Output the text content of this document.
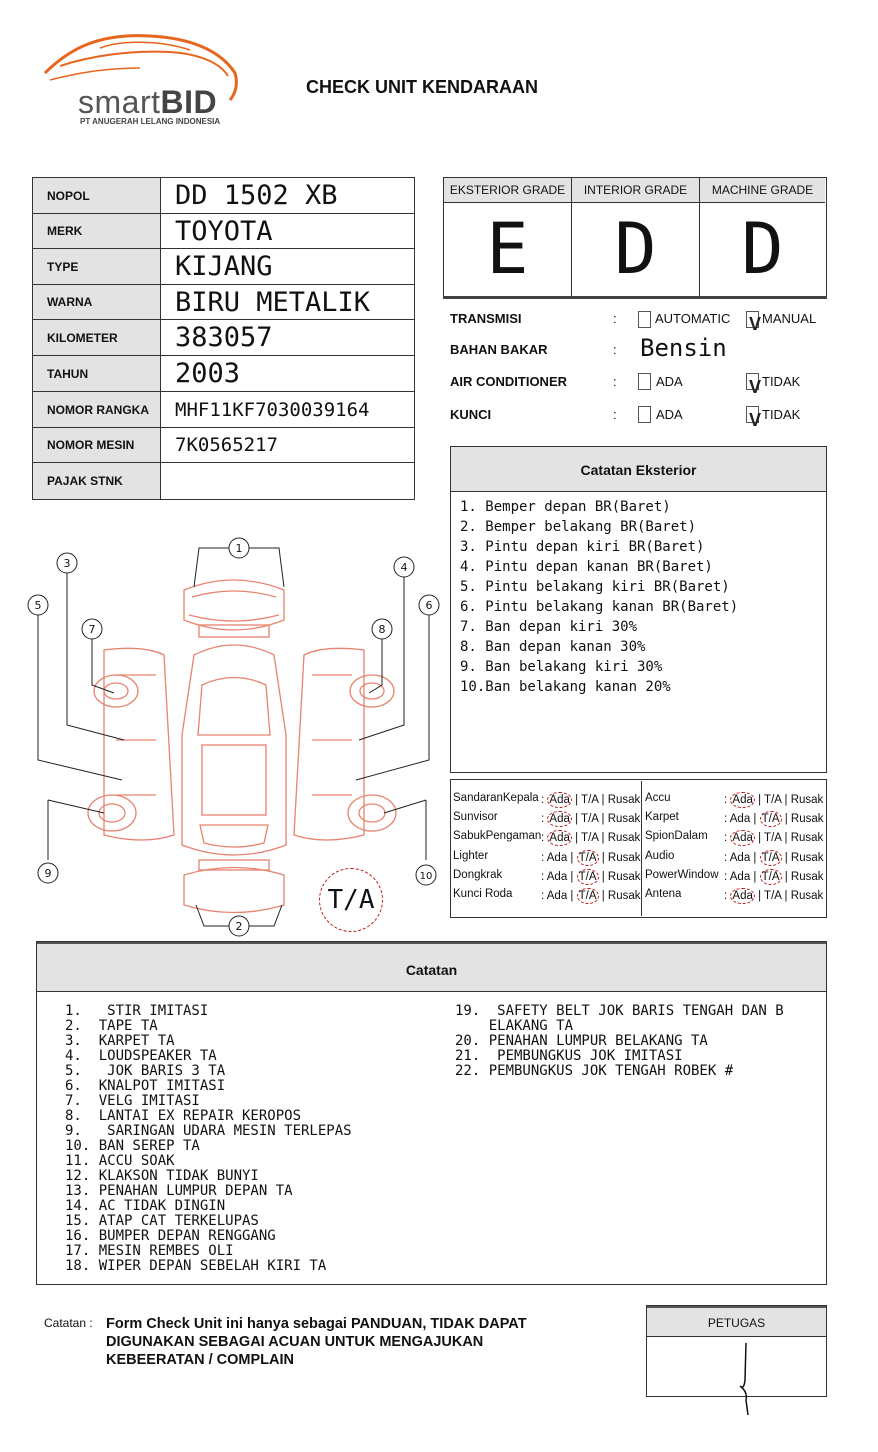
smartBID
PT ANUGERAH LELANG INDONESIA
CHECK UNIT KENDARAAN
NOPOL	DD 1502 XB
MERK	TOYOTA
TYPE	KIJANG
WARNA	BIRU METALIK
KILOMETER	383057
TAHUN	2003
NOMOR RANGKA	MHF11KF7030039164
NOMOR MESIN	7K0565217
PAJAK STNK	
EKSTERIOR GRADE
E
INTERIOR GRADE
D
MACHINE GRADE
D
TRANSMISI	:	AUTOMATIC V MANUAL
BAHAN BAKAR	: Bensin
AIR CONDITIONER	:	ADA	V TIDAK
KUNCI	:	ADA	V TIDAK
Catatan Eksterior
1. Bemper depan BR(Baret)
2. Bemper belakang BR(Baret)
3. Pintu depan kiri BR(Baret)
4. Pintu depan kanan BR(Baret)
5. Pintu belakang kiri BR(Baret)
6. Pintu belakang kanan BR(Baret)
7. Ban depan kiri 30%
8. Ban depan kanan 30%
9. Ban belakang kiri 30%
10.Ban belakang kanan 20%
SandaranKepala : Ada | T/A | Rusak
Sunvisor	: Ada | T/A | Rusak
SabukPengaman : Ada | T/A | Rusak
Lighter	: Ada | T/A | Rusak
Dongkrak	: Ada | T/A | Rusak
Kunci Roda : Ada | T/A | Rusak
Accu	: Ada | T/A | Rusak
Karpet	: Ada | T/A | Rusak
SpionDalam : Ada | T/A | Rusak
Audio	: Ada | T/A | Rusak
PowerWindow : Ada | T/A | Rusak
Antena	: Ada | T/A | Rusak
1
2
3	4
5	6
7	8
9	10
T/A
Catatan
1.   STIR IMITASI
2.  TAPE TA
3.  KARPET TA
4.  LOUDSPEAKER TA
5.   JOK BARIS 3 TA
6.  KNALPOT IMITASI
7.  VELG IMITASI
8.  LANTAI EX REPAIR KEROPOS
9.   SARINGAN UDARA MESIN TERLEPAS
10. BAN SEREP TA
11. ACCU SOAK
12. KLAKSON TIDAK BUNYI
13. PENAHAN LUMPUR DEPAN TA
14. AC TIDAK DINGIN
15. ATAP CAT TERKELUPAS
16. BUMPER DEPAN RENGGANG
17. MESIN REMBES OLI
18. WIPER DEPAN SEBELAH KIRI TA
19.  SAFETY BELT JOK BARIS TENGAH DAN B
ELAKANG TA
20. PENAHAN LUMPUR BELAKANG TA
21.  PEMBUNGKUS JOK IMITASI
22. PEMBUNGKUS JOK TENGAH ROBEK #
Catatan : Form Check Unit ini hanya sebagai PANDUAN, TIDAK DAPAT DIGUNAKAN SEBAGAI ACUAN UNTUK MENGAJUKAN KEBEERATAN / COMPLAIN
PETUGAS
